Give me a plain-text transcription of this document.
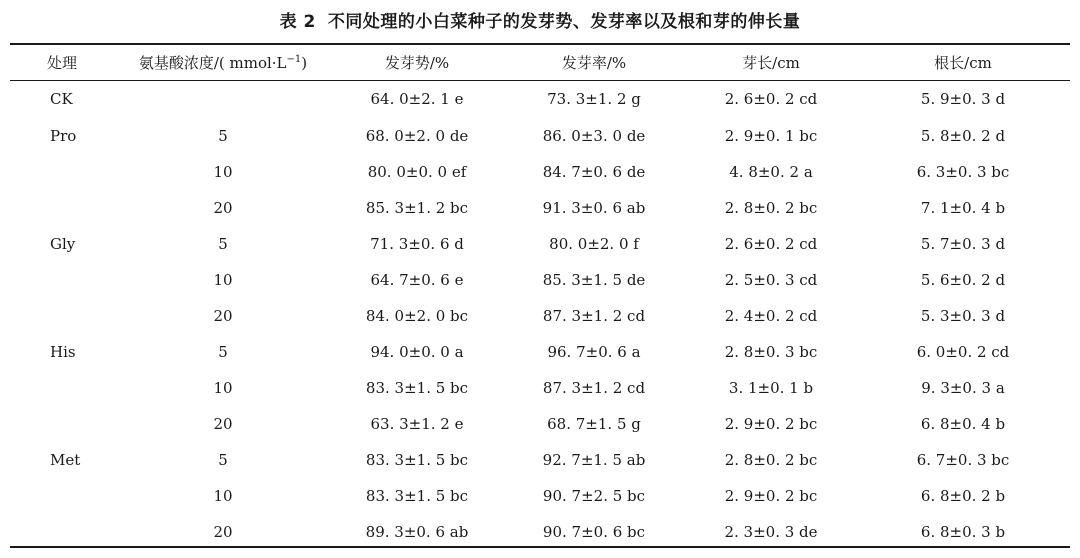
表 2 不同处理的小白菜种子的发芽势、发芽率以及根和芽的伸长量
处理	氨基酸浓度/( $mmol\cdot L^{-1}$)	发芽势/%	发芽率/%	芽长/cm	根长/cm
CK		64. 0±2. 1 e	73. 3±1. 2 g	2. 6±0. 2 cd	5. 9±0. 3 d
Pro	5	68. 0±2. 0 de	86. 0±3. 0 de	2. 9±0. 1 bc	5. 8±0. 2 d
	10	80. 0±0. 0 ef	84. 7±0. 6 de	4. 8±0. 2 a	6. 3±0. 3 bc
	20	85. 3±1. 2 bc	91. 3±0. 6 ab	2. 8±0. 2 bc	7. 1±0. 4 b
Gly	5	71. 3±0. 6 d	80. 0±2. 0 f	2. 6±0. 2 cd	5. 7±0. 3 d
	10	64. 7±0. 6 e	85. 3±1. 5 de	2. 5±0. 3 cd	5. 6±0. 2 d
	20	84. 0±2. 0 bc	87. 3±1. 2 cd	2. 4±0. 2 cd	5. 3±0. 3 d
His	5	94. 0±0. 0 a	96. 7±0. 6 a	2. 8±0. 3 bc	6. 0±0. 2 cd
	10	83. 3±1. 5 bc	87. 3±1. 2 cd	3. 1±0. 1 b	9. 3±0. 3 a
	20	63. 3±1. 2 e	68. 7±1. 5 g	2. 9±0. 2 bc	6. 8±0. 4 b
Met	5	83. 3±1. 5 bc	92. 7±1. 5 ab	2. 8±0. 2 bc	6. 7±0. 3 bc
	10	83. 3±1. 5 bc	90. 7±2. 5 bc	2. 9±0. 2 bc	6. 8±0. 2 b
	20	89. 3±0. 6 ab	90. 7±0. 6 bc	2. 3±0. 3 de	6. 8±0. 3 b
